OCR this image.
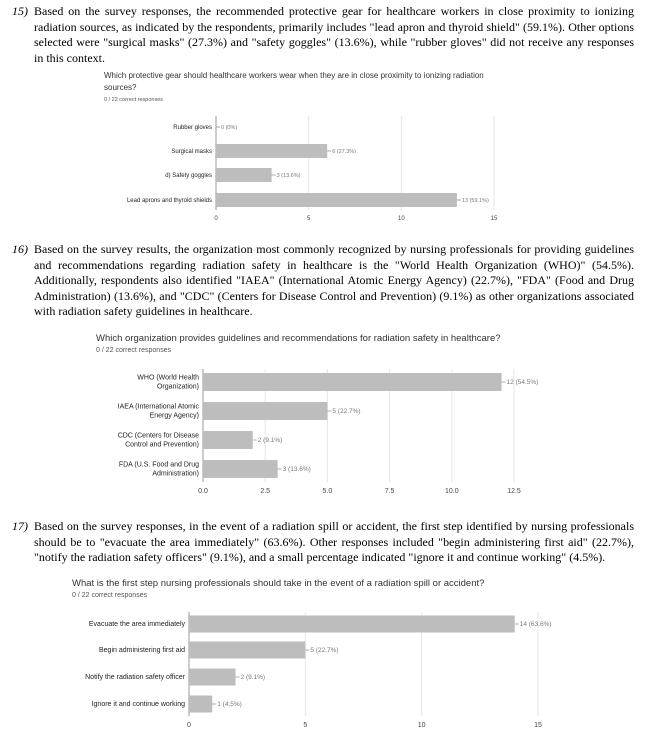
15) Based on the survey responses, the recommended protective gear for healthcare workers in close proximity to ionizing radiation sources, as indicated by the respondents, primarily includes "lead apron and thyroid shield" (59.1%). Other options selected were "surgical masks" (27.3%) and "safety goggles" (13.6%), while "rubber gloves" did not receive any responses in this context.
Which protective gear should healthcare workers wear when they are in close proximity to ionizing radiation sources?
0 / 22 correct responses
0	5	10	15
0 (0%)
Rubber gloves
6 (27.3%)
Surgical masks
3 (13.6%)
d) Safety goggles
13 (59.1%)
Lead aprons and thyroid shields
16) Based on the survey results, the organization most commonly recognized by nursing professionals for providing guidelines and recommendations regarding radiation safety in healthcare is the "World Health Organization (WHO)" (54.5%). Additionally, respondents also identified "IAEA" (International Atomic Energy Agency) (22.7%), "FDA" (Food and Drug Administration) (13.6%), and "CDC" (Centers for Disease Control and Prevention) (9.1%) as other organizations associated with radiation safety guidelines in healthcare.
Which organization provides guidelines and recommendations for radiation safety in healthcare?
0 / 22 correct responses
0.0	2.5	5.0	7.5	10.0	12.5
12 (54.5%)
WHO (World Health Organization)
5 (22.7%)
IAEA (International Atomic Energy Agency)
2 (9.1%)
CDC (Centers for Disease Control and Prevention)
3 (13.6%)
FDA (U.S. Food and Drug Administration)
17) Based on the survey responses, in the event of a radiation spill or accident, the first step identified by nursing professionals should be to "evacuate the area immediately" (63.6%). Other responses included "begin administering first aid" (22.7%), "notify the radiation safety officers" (9.1%), and a small percentage indicated "ignore it and continue working" (4.5%).
What is the first step nursing professionals should take in the event of a radiation spill or accident?
0 / 22 correct responses
0	5	10	15
14 (63.6%)
Evacuate the area immediately
5 (22.7%)
Begin administering first aid
2 (9.1%)
Notify the radiation safety officer
1 (4.5%)
Ignore it and continue working
